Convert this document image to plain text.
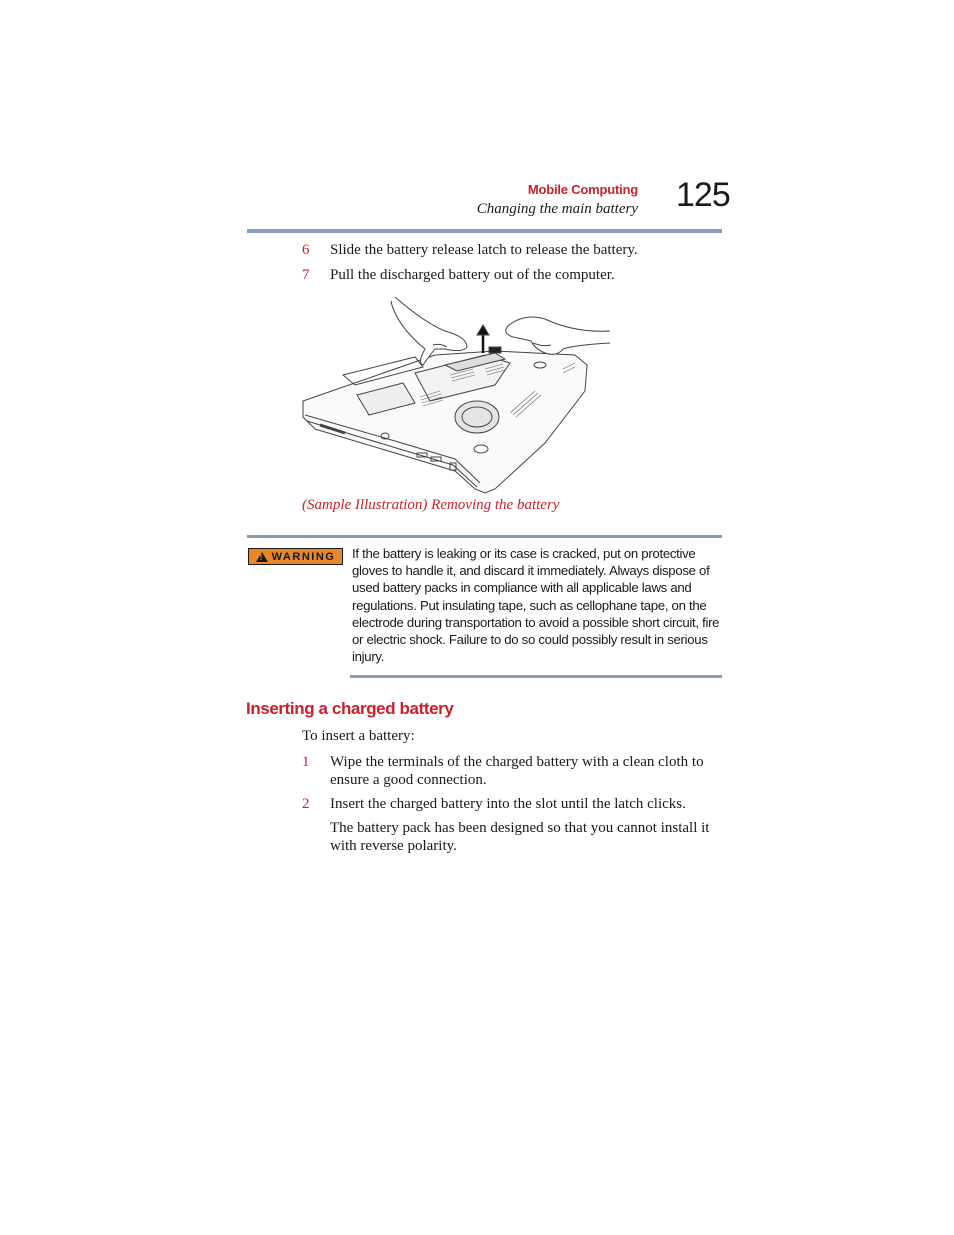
Mobile Computing
Changing the main battery 125
6 Slide the battery release latch to release the battery.
7 Pull the discharged battery out of the computer.
(Sample Illustration) Removing the battery
!
WARNING If the battery is leaking or its case is cracked, put on protective gloves to handle it, and discard it immediately. Always dispose of used battery packs in compliance with all applicable laws and regulations. Put insulating tape, such as cellophane tape, on the electrode during transportation to avoid a possible short circuit, fire or electric shock. Failure to do so could possibly result in serious injury.
Inserting a charged battery
To insert a battery:
1 Wipe the terminals of the charged battery with a clean cloth to ensure a good connection.
2 Insert the charged battery into the slot until the latch clicks.
The battery pack has been designed so that you cannot install it with reverse polarity.
